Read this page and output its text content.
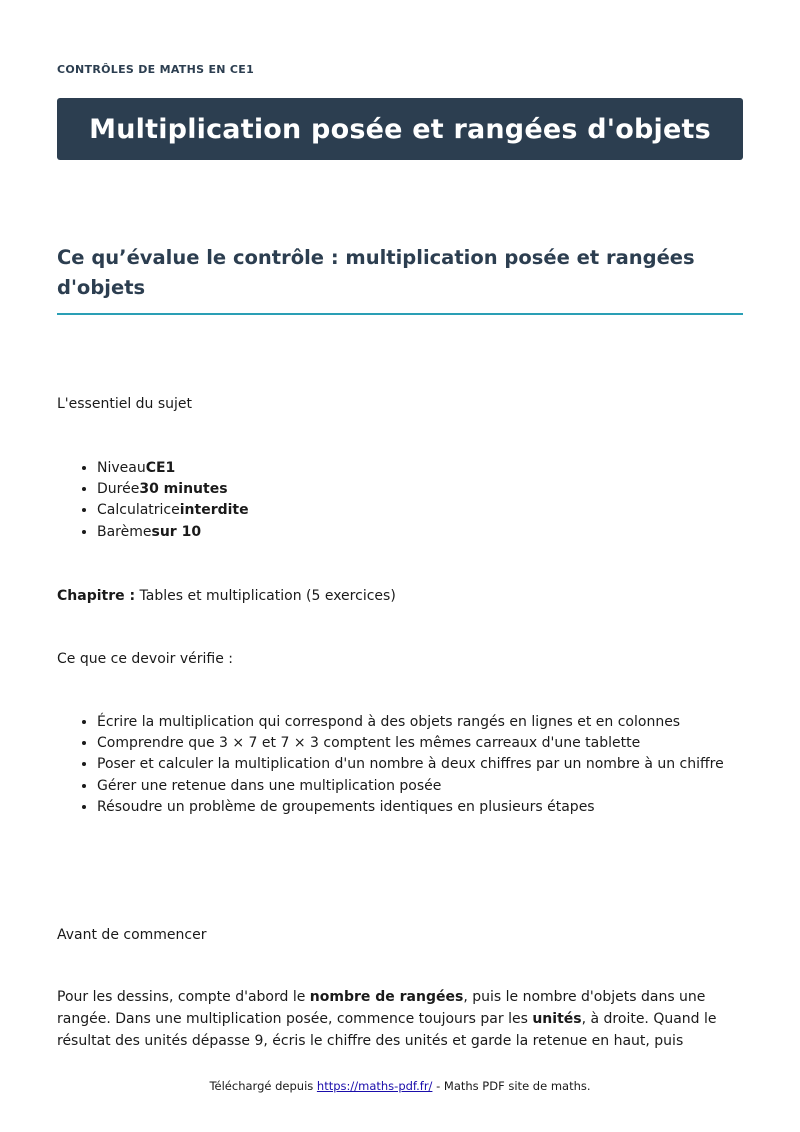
CONTRÔLES DE MATHS EN CE1
Multiplication posée et rangées d'objets
Ce qu’évalue le contrôle : multiplication posée et rangées d'objets

L'essentiel du sujet

• NiveauCE1
• Durée30 minutes
• Calculatriceinterdite
• Barèmesur 10

Chapitre : Tables et multiplication (5 exercices)

Ce que ce devoir vérifie :

• Écrire la multiplication qui correspond à des objets rangés en lignes et en colonnes
• Comprendre que 3 × 7 et 7 × 3 comptent les mêmes carreaux d'une tablette
• Poser et calculer la multiplication d'un nombre à deux chiffres par un nombre à un chiffre
• Gérer une retenue dans une multiplication posée
• Résoudre un problème de groupements identiques en plusieurs étapes

Avant de commencer

Pour les dessins, compte d'abord le nombre de rangées, puis le nombre d'objets dans une rangée. Dans une multiplication posée, commence toujours par les unités, à droite. Quand le résultat des unités dépasse 9, écris le chiffre des unités et garde la retenue en haut, puis

Téléchargé depuis https://maths-pdf.fr/ - Maths PDF site de maths.
